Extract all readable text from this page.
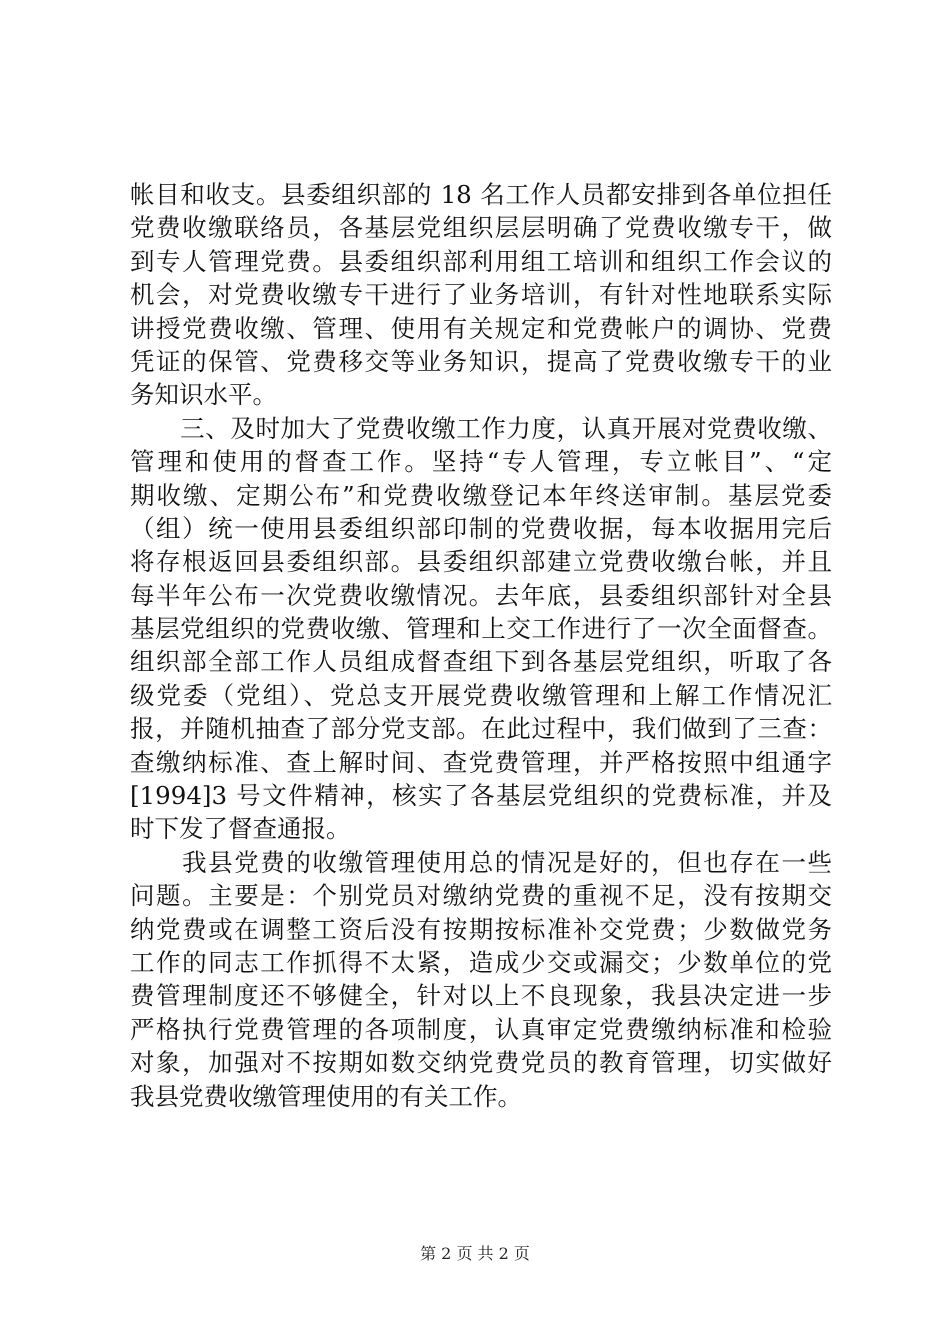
帐目和收支。县委组织部的 18 名工作人员都安排到各单位担任
党费收缴联络员，各基层党组织层层明确了党费收缴专干，做
到专人管理党费。县委组织部利用组工培训和组织工作会议的
机会，对党费收缴专干进行了业务培训，有针对性地联系实际
讲授党费收缴、管理、使用有关规定和党费帐户的调协、党费
凭证的保管、党费移交等业务知识，提高了党费收缴专干的业
务知识水平。
　　三、及时加大了党费收缴工作力度，认真开展对党费收缴、
管理和使用的督查工作。坚持“专人管理，专立帐目”、“定
期收缴、定期公布”和党费收缴登记本年终送审制。基层党委
（组）统一使用县委组织部印制的党费收据，每本收据用完后
将存根返回县委组织部。县委组织部建立党费收缴台帐，并且
每半年公布一次党费收缴情况。去年底，县委组织部针对全县
基层党组织的党费收缴、管理和上交工作进行了一次全面督查。
组织部全部工作人员组成督查组下到各基层党组织，听取了各
级党委（党组）、党总支开展党费收缴管理和上解工作情况汇
报，并随机抽查了部分党支部。在此过程中，我们做到了三查：
查缴纳标准、查上解时间、查党费管理，并严格按照中组通字
[1994]3 号文件精神，核实了各基层党组织的党费标准，并及
时下发了督查通报。
　　我县党费的收缴管理使用总的情况是好的，但也存在一些
问题。主要是：个别党员对缴纳党费的重视不足，没有按期交
纳党费或在调整工资后没有按期按标准补交党费；少数做党务
工作的同志工作抓得不太紧，造成少交或漏交；少数单位的党
费管理制度还不够健全，针对以上不良现象，我县决定进一步
严格执行党费管理的各项制度，认真审定党费缴纳标准和检验
对象，加强对不按期如数交纳党费党员的教育管理，切实做好
我县党费收缴管理使用的有关工作。
第 2 页 共 2 页
